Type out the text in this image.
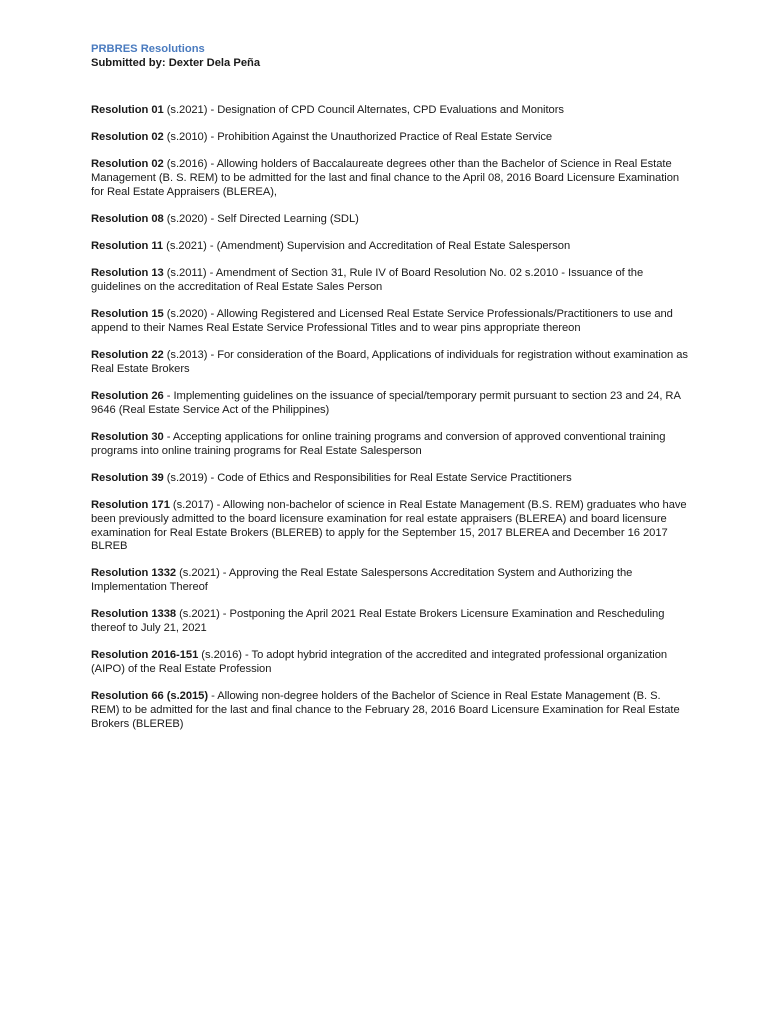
PRBRES Resolutions
Submitted by: Dexter Dela Peña

Resolution 01 (s.2021) - Designation of CPD Council Alternates, CPD Evaluations and Monitors

Resolution 02 (s.2010) - Prohibition Against the Unauthorized Practice of Real Estate Service

Resolution 02 (s.2016) - Allowing holders of Baccalaureate degrees other than the Bachelor of Science in Real Estate Management (B. S. REM) to be admitted for the last and final chance to the April 08, 2016 Board Licensure Examination for Real Estate Appraisers (BLEREA),

Resolution 08 (s.2020) - Self Directed Learning (SDL)

Resolution 11 (s.2021) - (Amendment) Supervision and Accreditation of Real Estate Salesperson

Resolution 13 (s.2011) - Amendment of Section 31, Rule IV of Board Resolution No. 02 s.2010 - Issuance of the guidelines on the accreditation of Real Estate Sales Person

Resolution 15 (s.2020) - Allowing Registered and Licensed Real Estate Service Professionals/Practitioners to use and append to their Names Real Estate Service Professional Titles and to wear pins appropriate thereon

Resolution 22 (s.2013) - For consideration of the Board, Applications of individuals for registration without examination as Real Estate Brokers

Resolution 26 - Implementing guidelines on the issuance of special/temporary permit pursuant to section 23 and 24, RA 9646 (Real Estate Service Act of the Philippines)

Resolution 30 - Accepting applications for online training programs and conversion of approved conventional training programs into online training programs for Real Estate Salesperson

Resolution 39 (s.2019) - Code of Ethics and Responsibilities for Real Estate Service Practitioners

Resolution 171 (s.2017) - Allowing non-bachelor of science in Real Estate Management (B.S. REM) graduates who have been previously admitted to the board licensure examination for real estate appraisers (BLEREA) and board licensure examination for Real Estate Brokers (BLEREB) to apply for the September 15, 2017 BLEREA and December 16 2017 BLREB

Resolution 1332 (s.2021) - Approving the Real Estate Salespersons Accreditation System and Authorizing the Implementation Thereof

Resolution 1338 (s.2021) - Postponing the April 2021 Real Estate Brokers Licensure Examination and Rescheduling thereof to July 21, 2021

Resolution 2016-151 (s.2016) - To adopt hybrid integration of the accredited and integrated professional organization (AIPO) of the Real Estate Profession

Resolution 66 (s.2015) - Allowing non-degree holders of the Bachelor of Science in Real Estate Management (B. S. REM) to be admitted for the last and final chance to the February 28, 2016 Board Licensure Examination for Real Estate Brokers (BLEREB)
